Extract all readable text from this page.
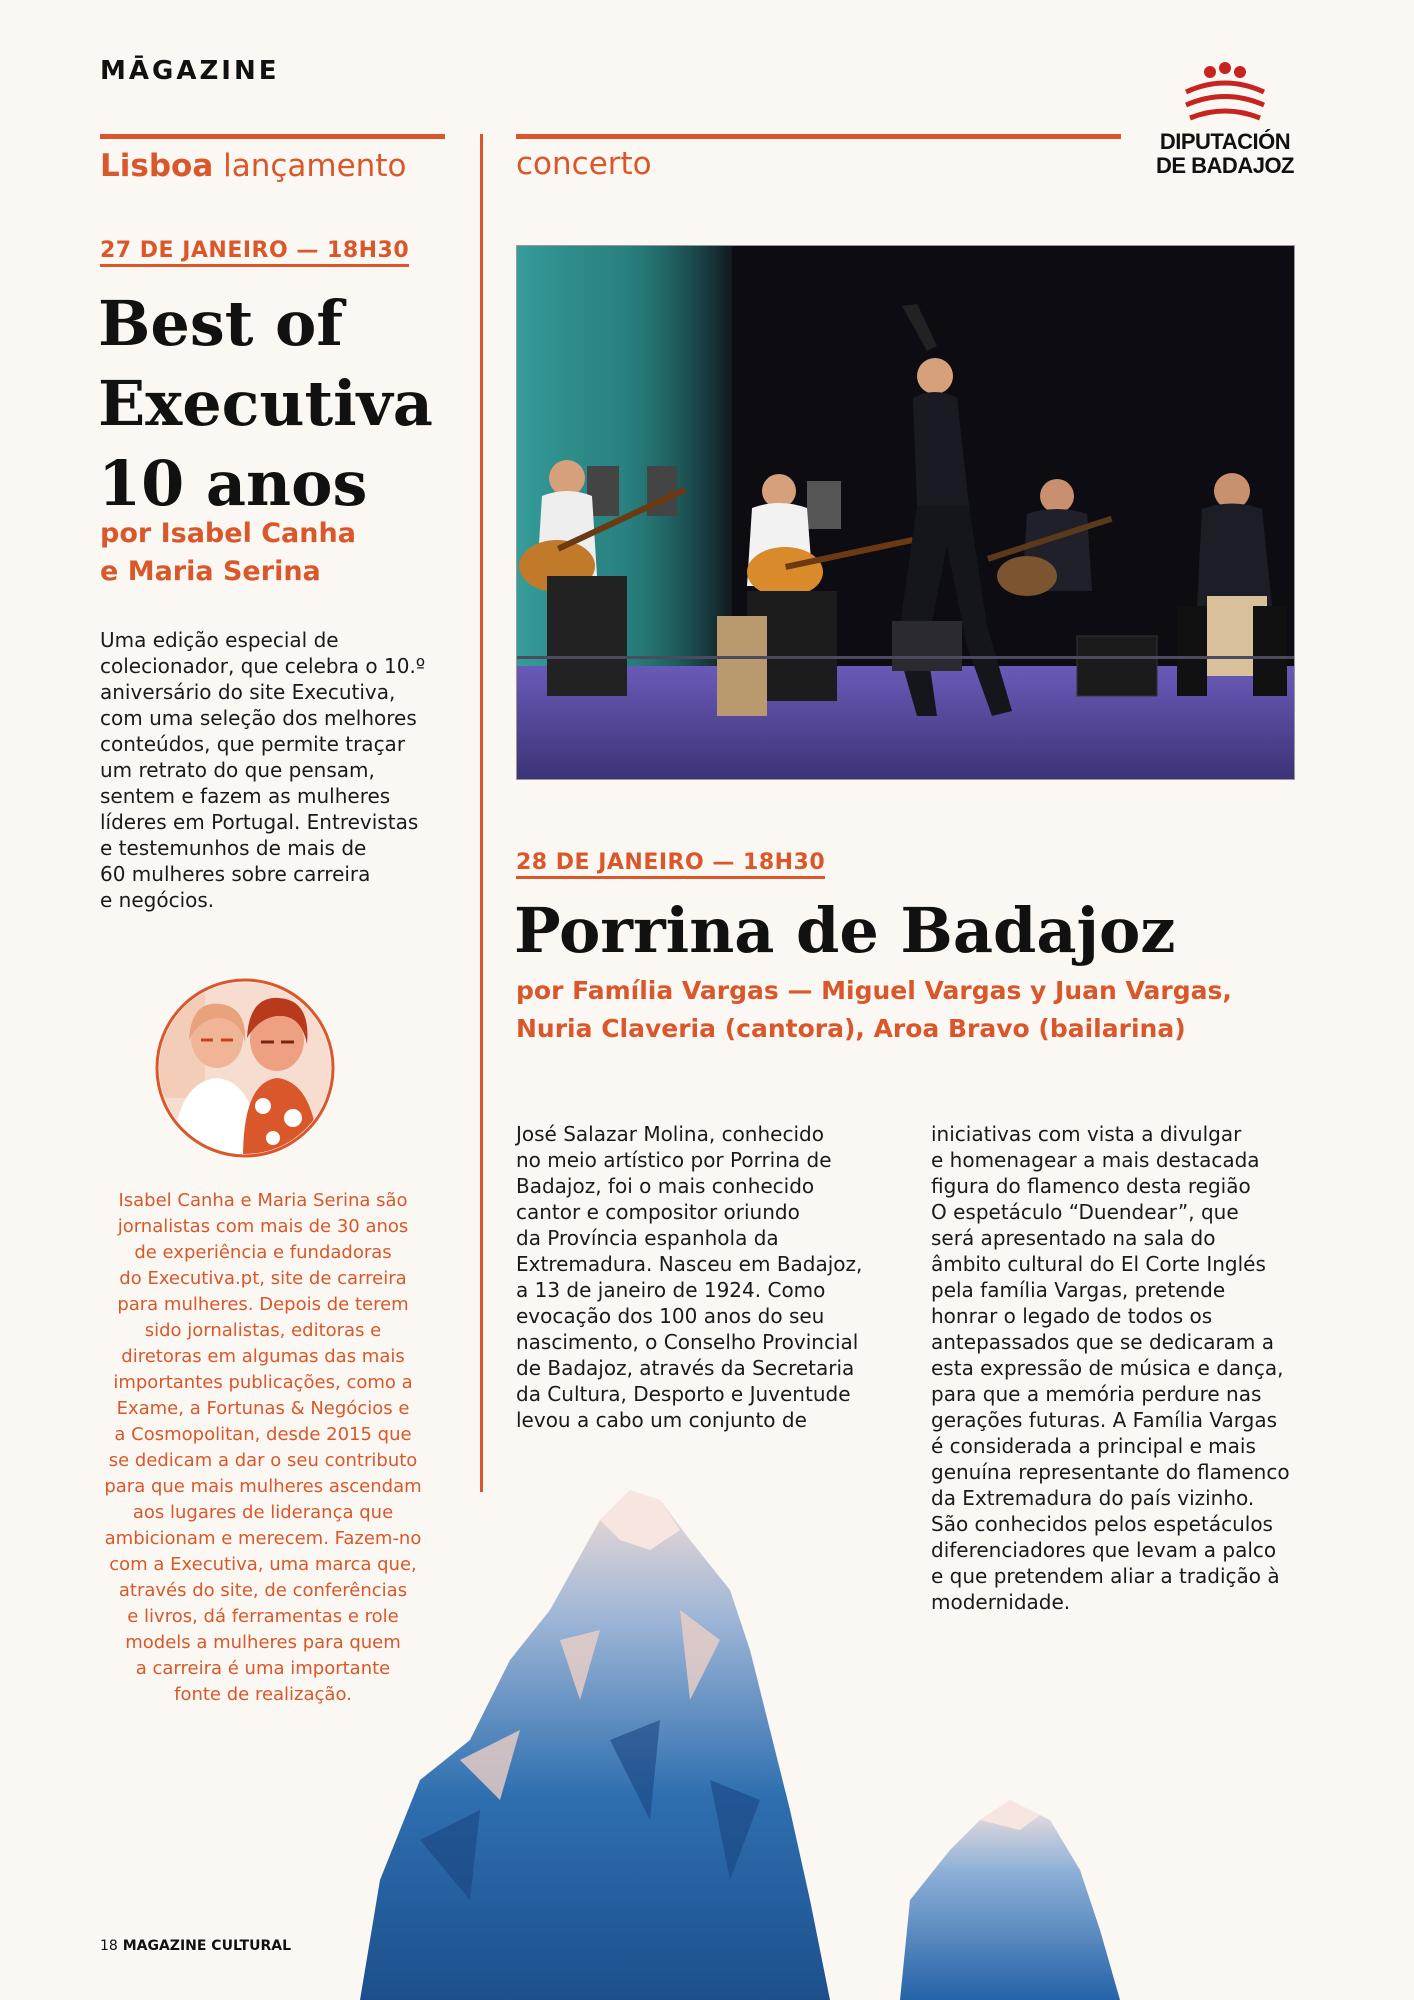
MĀGAZINE
DIPUTACIÓN
DE BADAJOZ
Lisboa lançamento
27 DE JANEIRO — 18H30
Best of
Executiva
10 anos
por Isabel Canha
e Maria Serina
Uma edição especial de
colecionador, que celebra o 10.º
aniversário do site Executiva,
com uma seleção dos melhores
conteúdos, que permite traçar
um retrato do que pensam,
sentem e fazem as mulheres
líderes em Portugal. Entrevistas
e testemunhos de mais de
60 mulheres sobre carreira
e negócios.
Isabel Canha e Maria Serina são
jornalistas com mais de 30 anos
de experiência e fundadoras
do Executiva.pt, site de carreira
para mulheres. Depois de terem
sido jornalistas, editoras e
diretoras em algumas das mais
importantes publicações, como a
Exame, a Fortunas & Negócios e
a Cosmopolitan, desde 2015 que
se dedicam a dar o seu contributo
para que mais mulheres ascendam
aos lugares de liderança que
ambicionam e merecem. Fazem-no
com a Executiva, uma marca que,
através do site, de conferências
e livros, dá ferramentas e role
models a mulheres para quem
a carreira é uma importante
fonte de realização.
concerto
28 DE JANEIRO — 18H30
Porrina de Badajoz
por Família Vargas — Miguel Vargas y Juan Vargas,
Nuria Claveria (cantora), Aroa Bravo (bailarina)
José Salazar Molina, conhecido
no meio artístico por Porrina de
Badajoz, foi o mais conhecido
cantor e compositor oriundo
da Província espanhola da
Extremadura. Nasceu em Badajoz,
a 13 de janeiro de 1924. Como
evocação dos 100 anos do seu
nascimento, o Conselho Provincial
de Badajoz, através da Secretaria
da Cultura, Desporto e Juventude
levou a cabo um conjunto de
iniciativas com vista a divulgar
e homenagear a mais destacada
figura do flamenco desta região
O espetáculo “Duendear”, que
será apresentado na sala do
âmbito cultural do El Corte Inglés
pela família Vargas, pretende
honrar o legado de todos os
antepassados que se dedicaram a
esta expressão de música e dança,
para que a memória perdure nas
gerações futuras. A Família Vargas
é considerada a principal e mais
genuína representante do flamenco
da Extremadura do país vizinho.
São conhecidos pelos espetáculos
diferenciadores que levam a palco
e que pretendem aliar a tradição à
modernidade.
18 MAGAZINE CULTURAL
